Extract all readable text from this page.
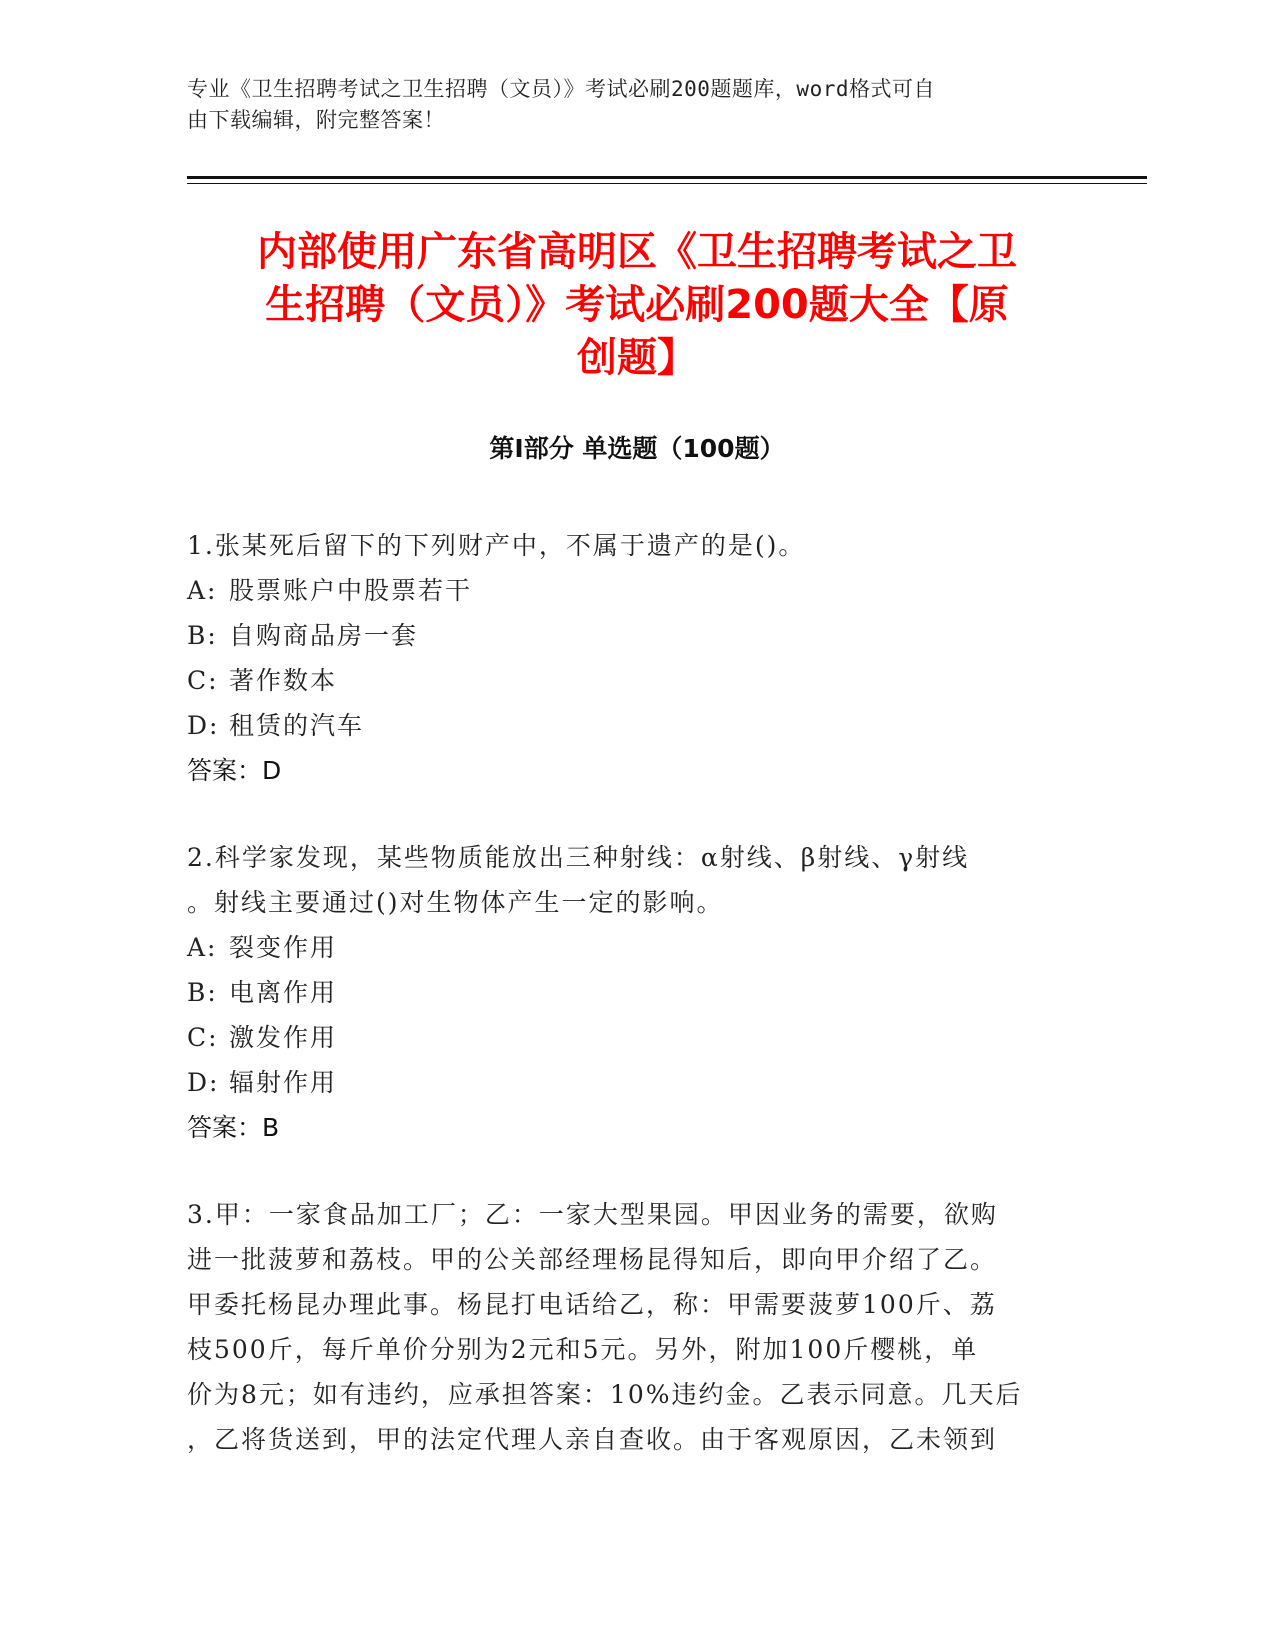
专业《卫生招聘考试之卫生招聘（文员）》考试必刷200题题库，word格式可自
由下载编辑，附完整答案！
内部使用广东省高明区《卫生招聘考试之卫
生招聘（文员）》考试必刷200题大全【原
创题】
第I部分 单选题（100题）

1.张某死后留下的下列财产中，不属于遗产的是()。

A: 股票账户中股票若干

B: 自购商品房一套

C: 著作数本

D: 租赁的汽车

答案：D

2.科学家发现，某些物质能放出三种射线：α射线、β射线、γ射线

。射线主要通过()对生物体产生一定的影响。

A: 裂变作用

B: 电离作用

C: 激发作用

D: 辐射作用

答案：B

3.甲：一家食品加工厂；乙：一家大型果园。甲因业务的需要，欲购

进一批菠萝和荔枝。甲的公关部经理杨昆得知后，即向甲介绍了乙。

甲委托杨昆办理此事。杨昆打电话给乙，称：甲需要菠萝100斤、荔

枝500斤，每斤单价分别为2元和5元。另外，附加100斤樱桃，单

价为8元；如有违约，应承担答案：10%违约金。乙表示同意。几天后

，乙将货送到，甲的法定代理人亲自查收。由于客观原因，乙未领到
